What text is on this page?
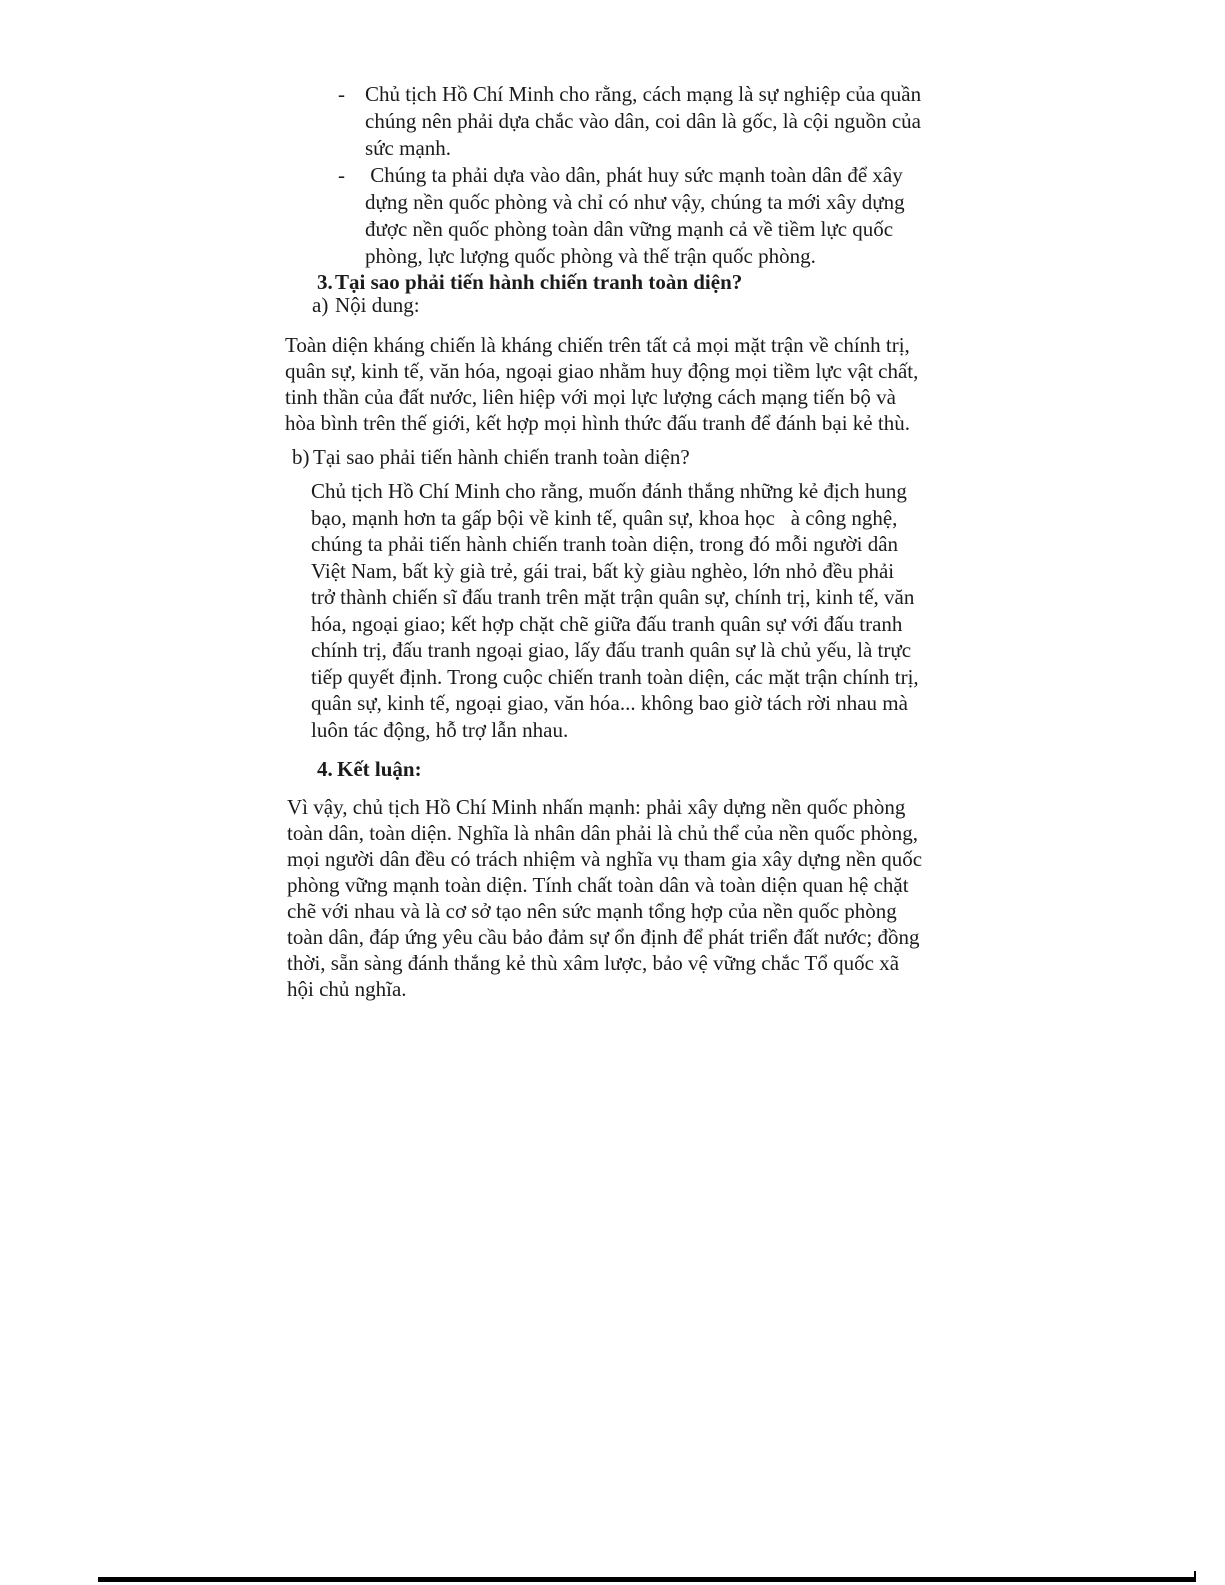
- Chủ tịch Hồ Chí Minh cho rằng, cách mạng là sự nghiệp của quần
chúng nên phải dựa chắc vào dân, coi dân là gốc, là cội nguồn của
sức mạnh.
- Chúng ta phải dựa vào dân, phát huy sức mạnh toàn dân để xây
dựng nền quốc phòng và chỉ có như vậy, chúng ta mới xây dựng
được nền quốc phòng toàn dân vững mạnh cả về tiềm lực quốc
phòng, lực lượng quốc phòng và thế trận quốc phòng.
3. Tại sao phải tiến hành chiến tranh toàn diện?
a) Nội dung:
Toàn diện kháng chiến là kháng chiến trên tất cả mọi mặt trận về chính trị,
quân sự, kinh tế, văn hóa, ngoại giao nhằm huy động mọi tiềm lực vật chất,
tinh thần của đất nước, liên hiệp với mọi lực lượng cách mạng tiến bộ và
hòa bình trên thế giới, kết hợp mọi hình thức đấu tranh để đánh bại kẻ thù.
b) Tại sao phải tiến hành chiến tranh toàn diện?
Chủ tịch Hồ Chí Minh cho rằng, muốn đánh thắng những kẻ địch hung
bạo, mạnh hơn ta gấp bội về kinh tế, quân sự, khoa học   à công nghệ,
chúng ta phải tiến hành chiến tranh toàn diện, trong đó mỗi người dân
Việt Nam, bất kỳ già trẻ, gái trai, bất kỳ giàu nghèo, lớn nhỏ đều phải
trở thành chiến sĩ đấu tranh trên mặt trận quân sự, chính trị, kinh tế, văn
hóa, ngoại giao; kết hợp chặt chẽ giữa đấu tranh quân sự với đấu tranh
chính trị, đấu tranh ngoại giao, lấy đấu tranh quân sự là chủ yếu, là trực
tiếp quyết định. Trong cuộc chiến tranh toàn diện, các mặt trận chính trị,
quân sự, kinh tế, ngoại giao, văn hóa... không bao giờ tách rời nhau mà
luôn tác động, hỗ trợ lẫn nhau.
4. Kết luận:
Vì vậy, chủ tịch Hồ Chí Minh nhấn mạnh: phải xây dựng nền quốc phòng
toàn dân, toàn diện. Nghĩa là nhân dân phải là chủ thể của nền quốc phòng,
mọi người dân đều có trách nhiệm và nghĩa vụ tham gia xây dựng nền quốc
phòng vững mạnh toàn diện. Tính chất toàn dân và toàn diện quan hệ chặt
chẽ với nhau và là cơ sở tạo nên sức mạnh tổng hợp của nền quốc phòng
toàn dân, đáp ứng yêu cầu bảo đảm sự ổn định để phát triển đất nước; đồng
thời, sẵn sàng đánh thắng kẻ thù xâm lược, bảo vệ vững chắc Tổ quốc xã
hội chủ nghĩa.
